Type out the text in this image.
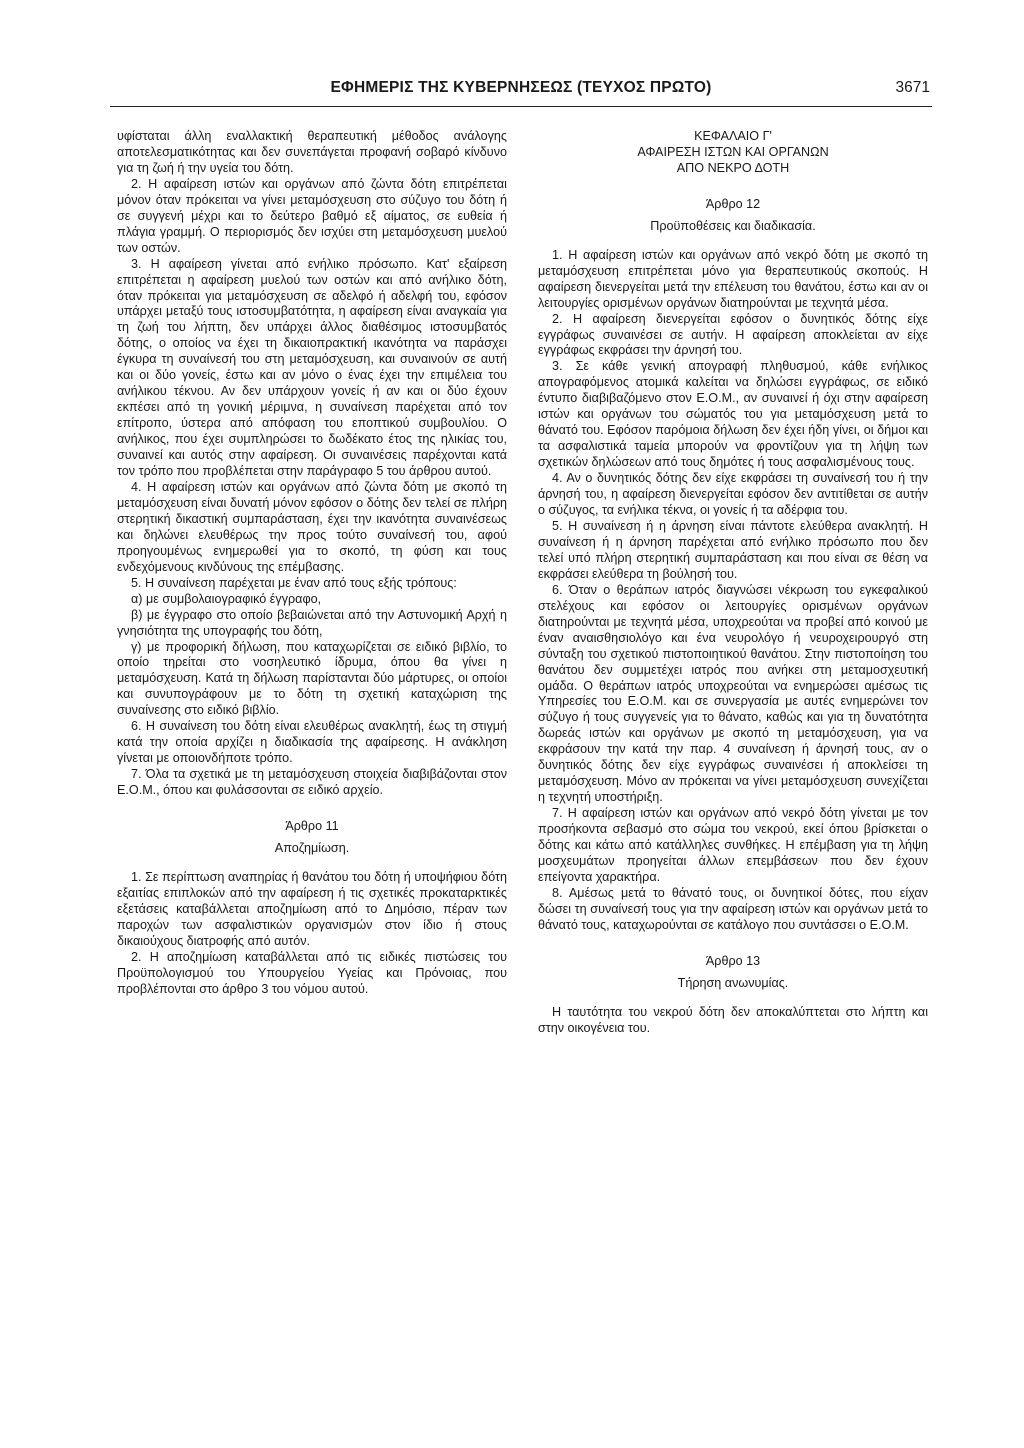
ΕΦΗΜΕΡΙΣ ΤΗΣ ΚΥΒΕΡΝΗΣΕΩΣ (ΤΕΥΧΟΣ ΠΡΩΤΟ)	3671

υφίσταται άλλη εναλλακτική θεραπευτική μέθοδος ανάλογης αποτελεσματικότητας και δεν συνεπάγεται προφανή σοβαρό κίνδυνο για τη ζωή ή την υγεία του δότη.

2. Η αφαίρεση ιστών και οργάνων από ζώντα δότη επιτρέπεται μόνον όταν πρόκειται να γίνει μεταμόσχευση στο σύζυγο του δότη ή σε συγγενή μέχρι και το δεύτερο βαθμό εξ αίματος, σε ευθεία ή πλάγια γραμμή. Ο περιορισμός δεν ισχύει στη μεταμόσχευση μυελού των οστών.

3. Η αφαίρεση γίνεται από ενήλικο πρόσωπο. Κατ' εξαίρεση επιτρέπεται η αφαίρεση μυελού των οστών και από ανήλικο δότη, όταν πρόκειται για μεταμόσχευση σε αδελφό ή αδελφή του, εφόσον υπάρχει μεταξύ τους ιστοσυμβατότητα, η αφαίρεση είναι αναγκαία για τη ζωή του λήπτη, δεν υπάρχει άλλος διαθέσιμος ιστοσυμβατός δότης, ο οποίος να έχει τη δικαιοπρακτική ικανότητα να παράσχει έγκυρα τη συναίνεσή του στη μεταμόσχευση, και συναινούν σε αυτή και οι δύο γονείς, έστω και αν μόνο ο ένας έχει την επιμέλεια του ανήλικου τέκνου. Αν δεν υπάρχουν γονείς ή αν και οι δύο έχουν εκπέσει από τη γονική μέριμνα, η συναίνεση παρέχεται από τον επίτροπο, ύστερα από απόφαση του εποπτικού συμβουλίου. Ο ανήλικος, που έχει συμπληρώσει το δωδέκατο έτος της ηλικίας του, συναινεί και αυτός στην αφαίρεση. Οι συναινέσεις παρέχονται κατά τον τρόπο που προβλέπεται στην παράγραφο 5 του άρθρου αυτού.

4. Η αφαίρεση ιστών και οργάνων από ζώντα δότη με σκοπό τη μεταμόσχευση είναι δυνατή μόνον εφόσον ο δότης δεν τελεί σε πλήρη στερητική δικαστική συμπαράσταση, έχει την ικανότητα συναινέσεως και δηλώνει ελευθέρως την προς τούτο συναίνεσή του, αφού προηγουμένως ενημερωθεί για το σκοπό, τη φύση και τους ενδεχόμενους κινδύνους της επέμβασης.

5. Η συναίνεση παρέχεται με έναν από τους εξής τρόπους:

α) με συμβολαιογραφικό έγγραφο,

β) με έγγραφο στο οποίο βεβαιώνεται από την Αστυνομική Αρχή η γνησιότητα της υπογραφής του δότη,

γ) με προφορική δήλωση, που καταχωρίζεται σε ειδικό βιβλίο, το οποίο τηρείται στο νοσηλευτικό ίδρυμα, όπου θα γίνει η μεταμόσχευση. Κατά τη δήλωση παρίστανται δύο μάρτυρες, οι οποίοι και συνυπογράφουν με το δότη τη σχετική καταχώριση της συναίνεσης στο ειδικό βιβλίο.

6. Η συναίνεση του δότη είναι ελευθέρως ανακλητή, έως τη στιγμή κατά την οποία αρχίζει η διαδικασία της αφαίρεσης. Η ανάκληση γίνεται με οποιονδήποτε τρόπο.

7. Όλα τα σχετικά με τη μεταμόσχευση στοιχεία διαβιβάζονται στον Ε.Ο.Μ., όπου και φυλάσσονται σε ειδικό αρχείο.

Άρθρο 11

Αποζημίωση.

1. Σε περίπτωση αναπηρίας ή θανάτου του δότη ή υποψήφιου δότη εξαιτίας επιπλοκών από την αφαίρεση ή τις σχετικές προκαταρκτικές εξετάσεις καταβάλλεται αποζημίωση από το Δημόσιο, πέραν των παροχών των ασφαλιστικών οργανισμών στον ίδιο ή στους δικαιούχους διατροφής από αυτόν.

2. Η αποζημίωση καταβάλλεται από τις ειδικές πιστώσεις του Προϋπολογισμού του Υπουργείου Υγείας και Πρόνοιας, που προβλέπονται στο άρθρο 3 του νόμου αυτού.

ΚΕΦΑΛΑΙΟ Γ'

ΑΦΑΙΡΕΣΗ ΙΣΤΩΝ ΚΑΙ ΟΡΓΑΝΩΝ

ΑΠΟ ΝΕΚΡΟ ΔΟΤΗ

Άρθρο 12

Προϋποθέσεις και διαδικασία.

1. Η αφαίρεση ιστών και οργάνων από νεκρό δότη με σκοπό τη μεταμόσχευση επιτρέπεται μόνο για θεραπευτικούς σκοπούς. Η αφαίρεση διενεργείται μετά την επέλευση του θανάτου, έστω και αν οι λειτουργίες ορισμένων οργάνων διατηρούνται με τεχνητά μέσα.

2. Η αφαίρεση διενεργείται εφόσον ο δυνητικός δότης είχε εγγράφως συναινέσει σε αυτήν. Η αφαίρεση αποκλείεται αν είχε εγγράφως εκφράσει την άρνησή του.

3. Σε κάθε γενική απογραφή πληθυσμού, κάθε ενήλικος απογραφόμενος ατομικά καλείται να δηλώσει εγγράφως, σε ειδικό έντυπο διαβιβαζόμενο στον Ε.Ο.Μ., αν συναινεί ή όχι στην αφαίρεση ιστών και οργάνων του σώματός του για μεταμόσχευση μετά το θάνατό του. Εφόσον παρόμοια δήλωση δεν έχει ήδη γίνει, οι δήμοι και τα ασφαλιστικά ταμεία μπορούν να φροντίζουν για τη λήψη των σχετικών δηλώσεων από τους δημότες ή τους ασφαλισμένους τους.

4. Αν ο δυνητικός δότης δεν είχε εκφράσει τη συναίνεσή του ή την άρνησή του, η αφαίρεση διενεργείται εφόσον δεν αντιτίθεται σε αυτήν ο σύζυγος, τα ενήλικα τέκνα, οι γονείς ή τα αδέρφια του.

5. Η συναίνεση ή η άρνηση είναι πάντοτε ελεύθερα ανακλητή. Η συναίνεση ή η άρνηση παρέχεται από ενήλικο πρόσωπο που δεν τελεί υπό πλήρη στερητική συμπαράσταση και που είναι σε θέση να εκφράσει ελεύθερα τη βούλησή του.

6. Όταν ο θεράπων ιατρός διαγνώσει νέκρωση του εγκεφαλικού στελέχους και εφόσον οι λειτουργίες ορισμένων οργάνων διατηρούνται με τεχνητά μέσα, υποχρεούται να προβεί από κοινού με έναν αναισθησιολόγο και ένα νευρολόγο ή νευροχειρουργό στη σύνταξη του σχετικού πιστοποιητικού θανάτου. Στην πιστοποίηση του θανάτου δεν συμμετέχει ιατρός που ανήκει στη μεταμοσχευτική ομάδα. Ο θεράπων ιατρός υποχρεούται να ενημερώσει αμέσως τις Υπηρεσίες του Ε.Ο.Μ. και σε συνεργασία με αυτές ενημερώνει τον σύζυγο ή τους συγγενείς για το θάνατο, καθώς και για τη δυνατότητα δωρεάς ιστών και οργάνων με σκοπό τη μεταμόσχευση, για να εκφράσουν την κατά την παρ. 4 συναίνεση ή άρνησή τους, αν ο δυνητικός δότης δεν είχε εγγράφως συναινέσει ή αποκλείσει τη μεταμόσχευση. Μόνο αν πρόκειται να γίνει μεταμόσχευση συνεχίζεται η τεχνητή υποστήριξη.

7. Η αφαίρεση ιστών και οργάνων από νεκρό δότη γίνεται με τον προσήκοντα σεβασμό στο σώμα του νεκρού, εκεί όπου βρίσκεται ο δότης και κάτω από κατάλληλες συνθήκες. Η επέμβαση για τη λήψη μοσχευμάτων προηγείται άλλων επεμβάσεων που δεν έχουν επείγοντα χαρακτήρα.

8. Αμέσως μετά το θάνατό τους, οι δυνητικοί δότες, που είχαν δώσει τη συναίνεσή τους για την αφαίρεση ιστών και οργάνων μετά το θάνατό τους, καταχωρούνται σε κατάλογο που συντάσσει ο Ε.Ο.Μ.

Άρθρο 13

Τήρηση ανωνυμίας.

Η ταυτότητα του νεκρού δότη δεν αποκαλύπτεται στο λήπτη και στην οικογένεια του.
